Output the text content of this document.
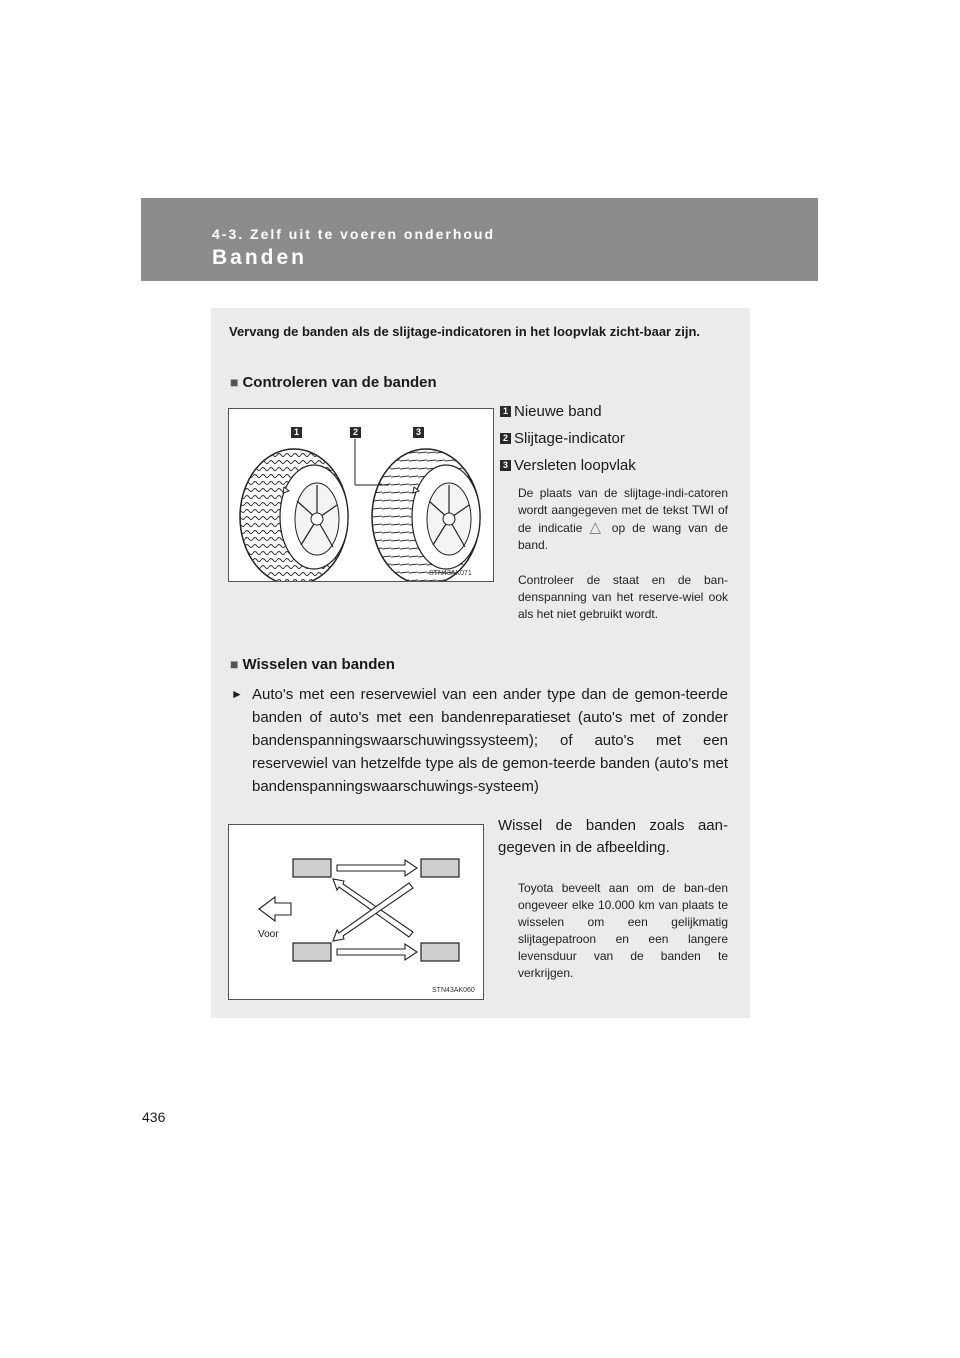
4-3. Zelf uit te voeren onderhoud
Banden
Vervang de banden als de slijtage-indicatoren in het loopvlak zicht-baar zijn.
■ Controleren van de banden
1	2	3
STN43AK071
1 Nieuwe band
2 Slijtage-indicator
3 Versleten loopvlak
De plaats van de slijtage-indi-catoren wordt aangegeven met de tekst TWI of de indicatie △ op de wang van de band.
Controleer de staat en de ban-denspanning van het reserve-wiel ook als het niet gebruikt wordt.
■ Wisselen van banden
► Auto's met een reservewiel van een ander type dan de gemon-teerde banden of auto's met een bandenreparatieset (auto's met of zonder bandenspanningswaarschuwingssysteem); of auto's met een reservewiel van hetzelfde type als de gemon-teerde banden (auto's met bandenspanningswaarschuwings-systeem)
Wissel de banden zoals aan-gegeven in de afbeelding.
Voor
STN43AK060
Toyota beveelt aan om de ban-den ongeveer elke 10.000 km van plaats te wisselen om een gelijkmatig slijtagepatroon en een langere levensduur van de banden te verkrijgen.
436
